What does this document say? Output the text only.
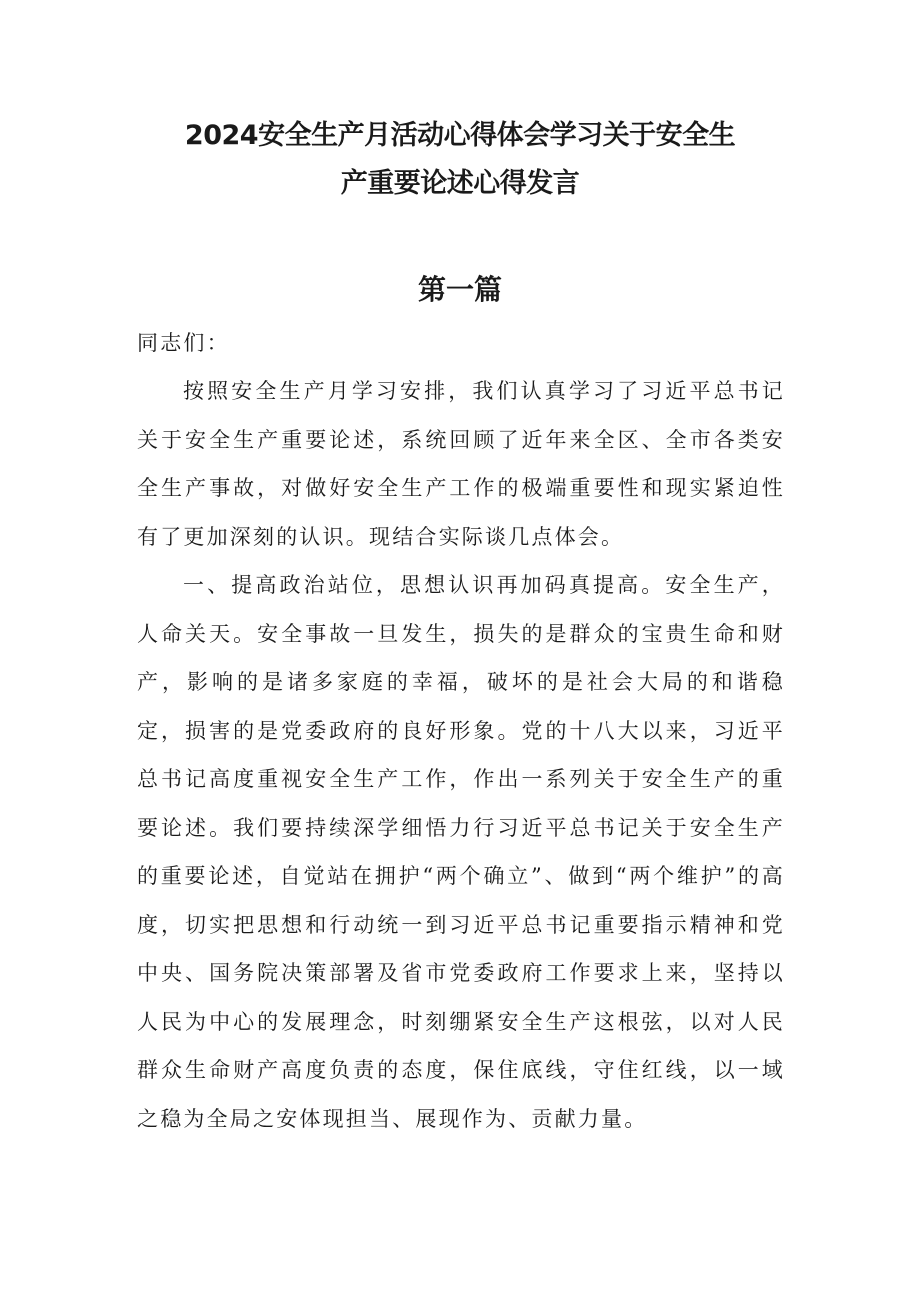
2024安全生产月活动心得体会学习关于安全生
产重要论述心得发言
第一篇
同志们：

按照安全生产月学习安排，我们认真学习了习近平总书记关于安全生产重要论述，系统回顾了近年来全区、全市各类安全生产事故，对做好安全生产工作的极端重要性和现实紧迫性有了更加深刻的认识。现结合实际谈几点体会。

一、提高政治站位，思想认识再加码真提高。安全生产，人命关天。安全事故一旦发生，损失的是群众的宝贵生命和财产，影响的是诸多家庭的幸福，破坏的是社会大局的和谐稳定，损害的是党委政府的良好形象。党的十八大以来，习近平总书记高度重视安全生产工作，作出一系列关于安全生产的重要论述。我们要持续深学细悟力行习近平总书记关于安全生产的重要论述，自觉站在拥护“两个确立”、做到“两个维护”的高度，切实把思想和行动统一到习近平总书记重要指示精神和党中央、国务院决策部署及省市党委政府工作要求上来，坚持以人民为中心的发展理念，时刻绷紧安全生产这根弦，以对人民群众生命财产高度负责的态度，保住底线，守住红线，以一域之稳为全局之安体现担当、展现作为、贡献力量。
